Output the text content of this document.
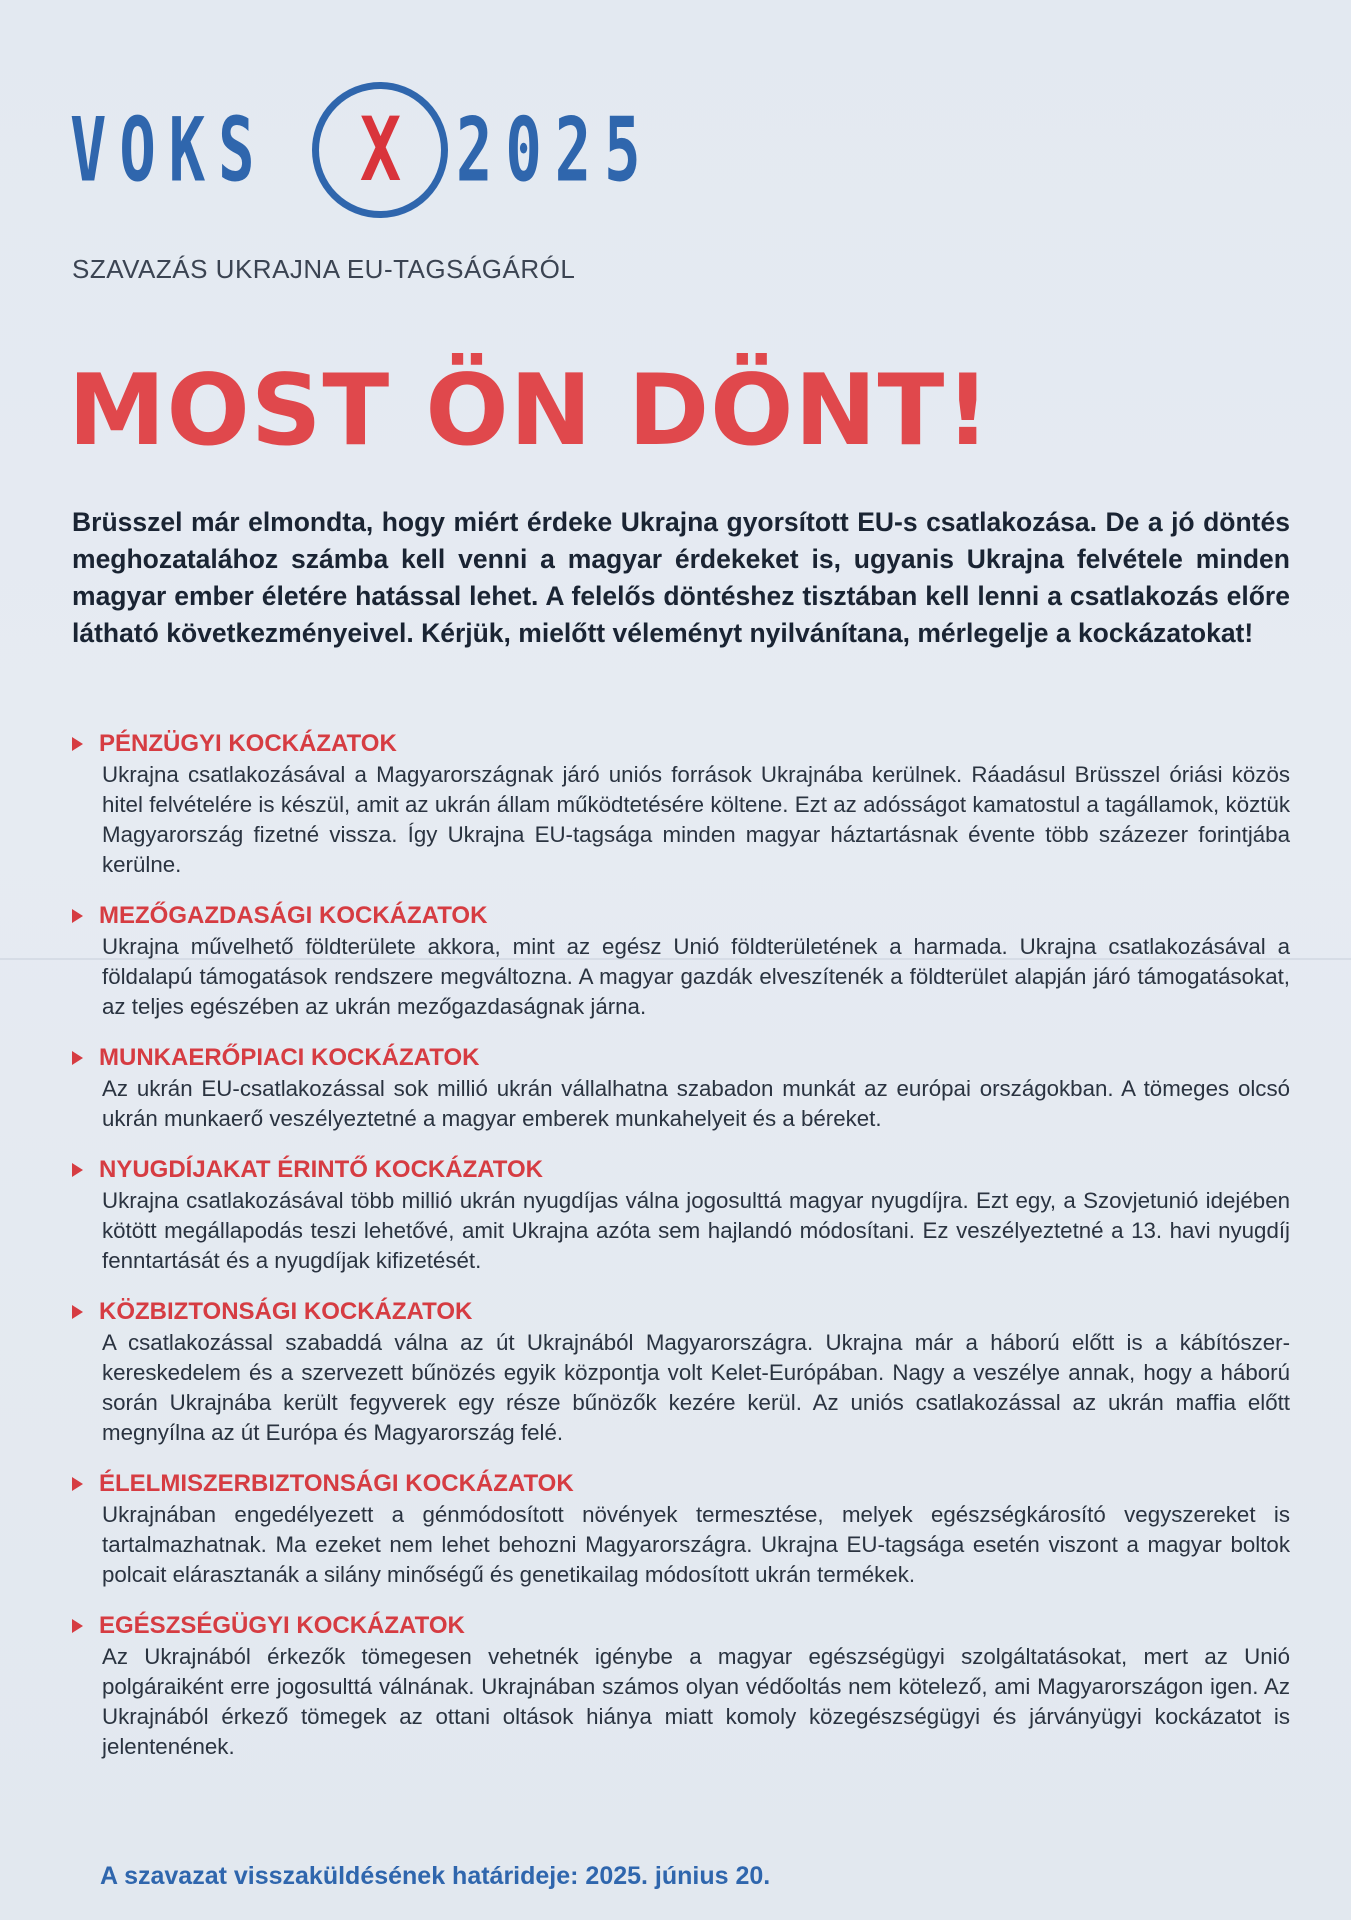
VOKS	X 2025
SZAVAZÁS UKRAJNA EU-TAGSÁGÁRÓL
MOST ÖN DÖNT!
Brüsszel már elmondta, hogy miért érdeke Ukrajna gyorsított EU-s csatlakozása. De a jó döntés meghozatalához számba kell venni a magyar érdekeket is, ugyanis Ukrajna felvétele minden magyar ember életére hatással lehet. A felelős döntéshez tisztában kell lenni a csatlakozás előre látható következményeivel. Kérjük, mielőtt véleményt nyilvánítana, mérlegelje a kockázatokat!
PÉNZÜGYI KOCKÁZATOK
Ukrajna csatlakozásával a Magyarországnak járó uniós források Ukrajnába kerülnek. Ráadásul Brüsszel óriási közös hitel felvételére is készül, amit az ukrán állam működtetésére költene. Ezt az adósságot kamatostul a tagállamok, köztük Magyarország fizetné vissza. Így Ukrajna EU-tagsága minden magyar háztartásnak évente több százezer forintjába kerülne.
MEZŐGAZDASÁGI KOCKÁZATOK
Ukrajna művelhető földterülete akkora, mint az egész Unió földterületének a harmada. Ukrajna csatlakozásával a földalapú támogatások rendszere megváltozna. A magyar gazdák elveszítenék a földterület alapján járó támogatásokat, az teljes egészében az ukrán mezőgazdaságnak járna.
MUNKAERŐPIACI KOCKÁZATOK
Az ukrán EU-csatlakozással sok millió ukrán vállalhatna szabadon munkát az európai országokban. A tömeges olcsó ukrán munkaerő veszélyeztetné a magyar emberek munkahelyeit és a béreket.
NYUGDÍJAKAT ÉRINTŐ KOCKÁZATOK
Ukrajna csatlakozásával több millió ukrán nyugdíjas válna jogosulttá magyar nyugdíjra. Ezt egy, a Szovjetunió idejében kötött megállapodás teszi lehetővé, amit Ukrajna azóta sem hajlandó módosítani. Ez veszélyeztetné a 13. havi nyugdíj fenntartását és a nyugdíjak kifizetését.
KÖZBIZTONSÁGI KOCKÁZATOK
A csatlakozással szabaddá válna az út Ukrajnából Magyarországra. Ukrajna már a háború előtt is a kábítószer-kereskedelem és a szervezett bűnözés egyik központja volt Kelet-Európában. Nagy a veszélye annak, hogy a háború során Ukrajnába került fegyverek egy része bűnözők kezére kerül. Az uniós csatlakozással az ukrán maffia előtt megnyílna az út Európa és Magyarország felé.
ÉLELMISZERBIZTONSÁGI KOCKÁZATOK
Ukrajnában engedélyezett a génmódosított növények termesztése, melyek egészségkárosító vegyszereket is tartalmazhatnak. Ma ezeket nem lehet behozni Magyarországra. Ukrajna EU-tagsága esetén viszont a magyar boltok polcait elárasztanák a silány minőségű és genetikailag módosított ukrán termékek.
EGÉSZSÉGÜGYI KOCKÁZATOK
Az Ukrajnából érkezők tömegesen vehetnék igénybe a magyar egészségügyi szolgáltatásokat, mert az Unió polgáraiként erre jogosulttá válnának. Ukrajnában számos olyan védőoltás nem kötelező, ami Magyarországon igen. Az Ukrajnából érkező tömegek az ottani oltások hiánya miatt komoly közegészségügyi és járványügyi kockázatot is jelentenének.
A szavazat visszaküldésének határideje: 2025. június 20.
